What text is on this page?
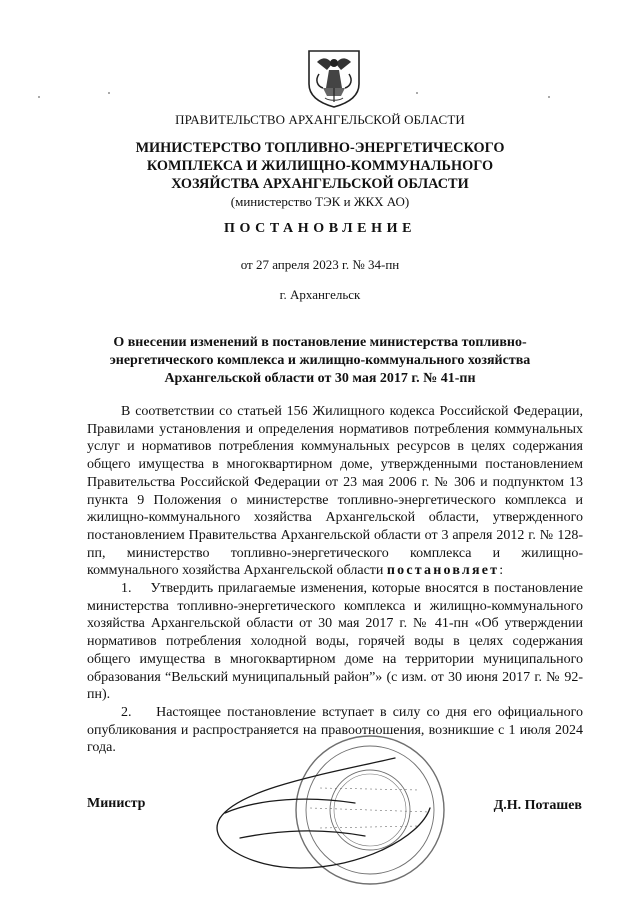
ПРАВИТЕЛЬСТВО АРХАНГЕЛЬСКОЙ ОБЛАСТИ
МИНИСТЕРСТВО ТОПЛИВНО-ЭНЕРГЕТИЧЕСКОГО
КОМПЛЕКСА И ЖИЛИЩНО-КОММУНАЛЬНОГО
ХОЗЯЙСТВА АРХАНГЕЛЬСКОЙ ОБЛАСТИ
(министерство ТЭК и ЖКХ АО)
ПОСТАНОВЛЕНИЕ
от 27 апреля 2023 г. № 34-пн
г. Архангельск
О внесении изменений в постановление министерства топливно-
энергетического комплекса и жилищно-коммунального хозяйства
Архангельской области от 30 мая 2017 г. № 41-пн

В соответствии со статьей 156 Жилищного кодекса Российской Федерации, Правилами установления и определения нормативов потребления коммунальных услуг и нормативов потребления коммунальных ресурсов в целях содержания общего имущества в многоквартирном доме, утвержденными постановлением Правительства Российской Федерации от 23 мая 2006 г. № 306 и подпунктом 13 пункта 9 Положения о министерстве топливно-энергетического комплекса и жилищно-коммунального хозяйства Архангельской области, утвержденного постановлением Правительства Архангельской области от 3 апреля 2012 г. № 128-пп, министерство топливно-энергетического комплекса и жилищно-коммунального хозяйства Архангельской области постановляет:

1.    Утвердить прилагаемые изменения, которые вносятся в постановление министерства топливно-энергетического комплекса и жилищно-коммунального хозяйства Архангельской области от 30 мая 2017 г. № 41-пн «Об утверждении нормативов потребления холодной воды, горячей воды в целях содержания общего имущества в многоквартирном доме на территории муниципального образования “Вельский муниципальный район”» (с изм. от 30 июня 2017 г. № 92-пн).

2.    Настоящее постановление вступает в силу со дня его официального опубликования и распространяется на правоотношения, возникшие с 1 июля 2024 года.

Министр	Д.Н. Поташев
